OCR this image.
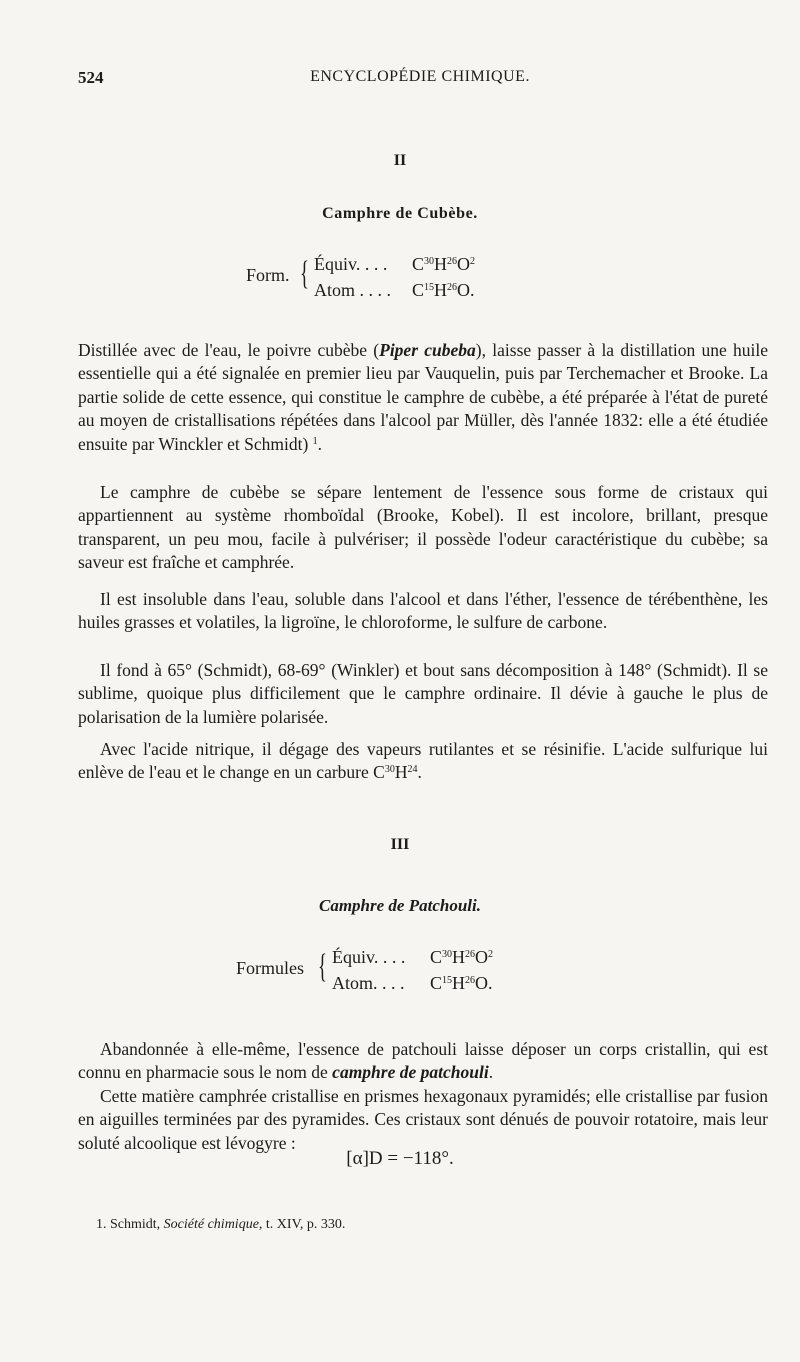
524	ENCYCLOPÉDIE CHIMIQUE.
II
Camphre de Cubèbe.
Form. { Équiv. . . . $C^{30}H^{26}O^2$
Atom . . . . $C^{15}H^{26}O$.

Distillée avec de l'eau, le poivre cubèbe (Piper cubeba), laisse passer à la distillation une huile essentielle qui a été signalée en premier lieu par Vauquelin, puis par Terchemacher et Brooke. La partie solide de cette essence, qui constitue le camphre de cubèbe, a été préparée à l'état de pureté au moyen de cristallisations répétées dans l'alcool par Müller, dès l'année 1832: elle a été étudiée ensuite par Winckler et Schmidt) $^1$.

Le camphre de cubèbe se sépare lentement de l'essence sous forme de cristaux qui appartiennent au système rhomboïdal (Brooke, Kobel). Il est incolore, brillant, presque transparent, un peu mou, facile à pulvériser; il possède l'odeur caractéristique du cubèbe; sa saveur est fraîche et camphrée.

Il est insoluble dans l'eau, soluble dans l'alcool et dans l'éther, l'essence de térébenthène, les huiles grasses et volatiles, la ligroïne, le chloroforme, le sulfure de carbone.

Il fond à 65° (Schmidt), 68-69° (Winkler) et bout sans décomposition à 148° (Schmidt). Il se sublime, quoique plus difficilement que le camphre ordinaire. Il dévie à gauche le plus de polarisation de la lumière polarisée.

Avec l'acide nitrique, il dégage des vapeurs rutilantes et se résinifie. L'acide sulfurique lui enlève de l'eau et le change en un carbure $C^{30}H^{24}$.

III
Camphre de Patchouli.
Formules { Équiv. . . . $C^{30}H^{26}O^2$
Atom. . . . $C^{15}H^{26}O$.

Abandonnée à elle-même, l'essence de patchouli laisse déposer un corps cristallin, qui est connu en pharmacie sous le nom de camphre de patchouli.

Cette matière camphrée cristallise en prismes hexagonaux pyramidés; elle cristallise par fusion en aiguilles terminées par des pyramides. Ces cristaux sont dénués de pouvoir rotatoire, mais leur soluté alcoolique est lévogyre :

[α]D = −118°.
1. Schmidt, Société chimique, t. XIV, p. 330.
